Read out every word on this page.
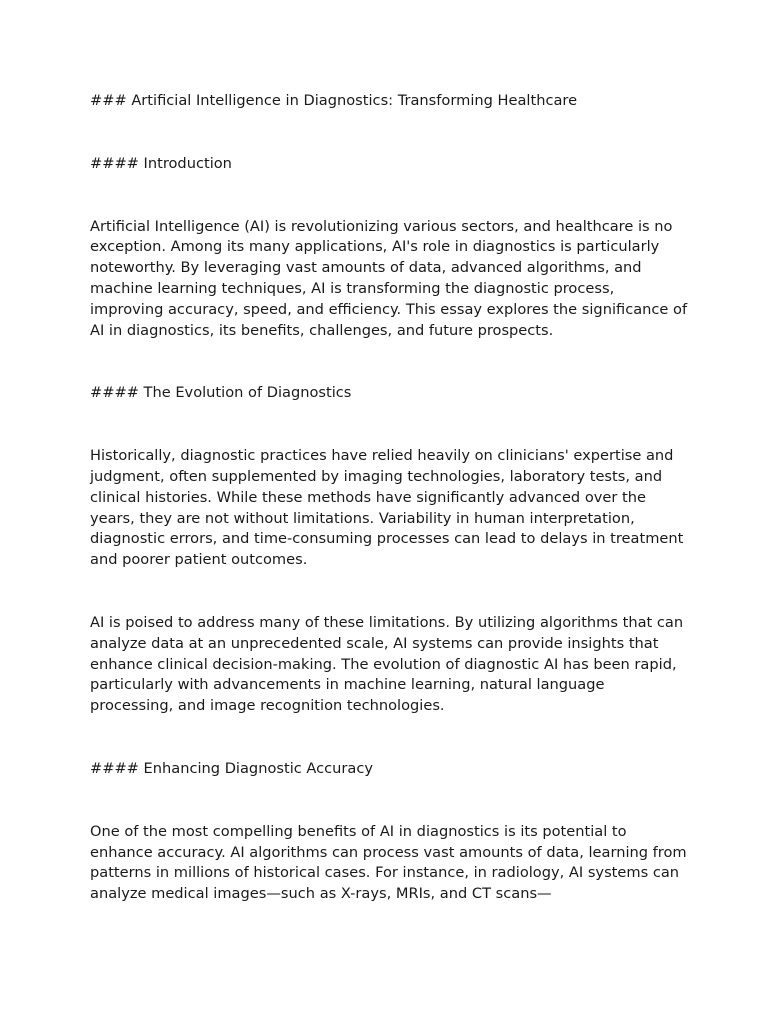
### Artificial Intelligence in Diagnostics: Transforming Healthcare

#### Introduction

Artificial Intelligence (AI) is revolutionizing various sectors, and healthcare is no exception. Among its many applications, AI's role in diagnostics is particularly noteworthy. By leveraging vast amounts of data, advanced algorithms, and machine learning techniques, AI is transforming the diagnostic process, improving accuracy, speed, and efficiency. This essay explores the significance of AI in diagnostics, its benefits, challenges, and future prospects.

#### The Evolution of Diagnostics

Historically, diagnostic practices have relied heavily on clinicians' expertise and judgment, often supplemented by imaging technologies, laboratory tests, and clinical histories. While these methods have significantly advanced over the years, they are not without limitations. Variability in human interpretation, diagnostic errors, and time-consuming processes can lead to delays in treatment and poorer patient outcomes.

AI is poised to address many of these limitations. By utilizing algorithms that can analyze data at an unprecedented scale, AI systems can provide insights that enhance clinical decision-making. The evolution of diagnostic AI has been rapid, particularly with advancements in machine learning, natural language processing, and image recognition technologies.

#### Enhancing Diagnostic Accuracy

One of the most compelling benefits of AI in diagnostics is its potential to enhance accuracy. AI algorithms can process vast amounts of data, learning from patterns in millions of historical cases. For instance, in radiology, AI systems can analyze medical images—such as X-rays, MRIs, and CT scans—
